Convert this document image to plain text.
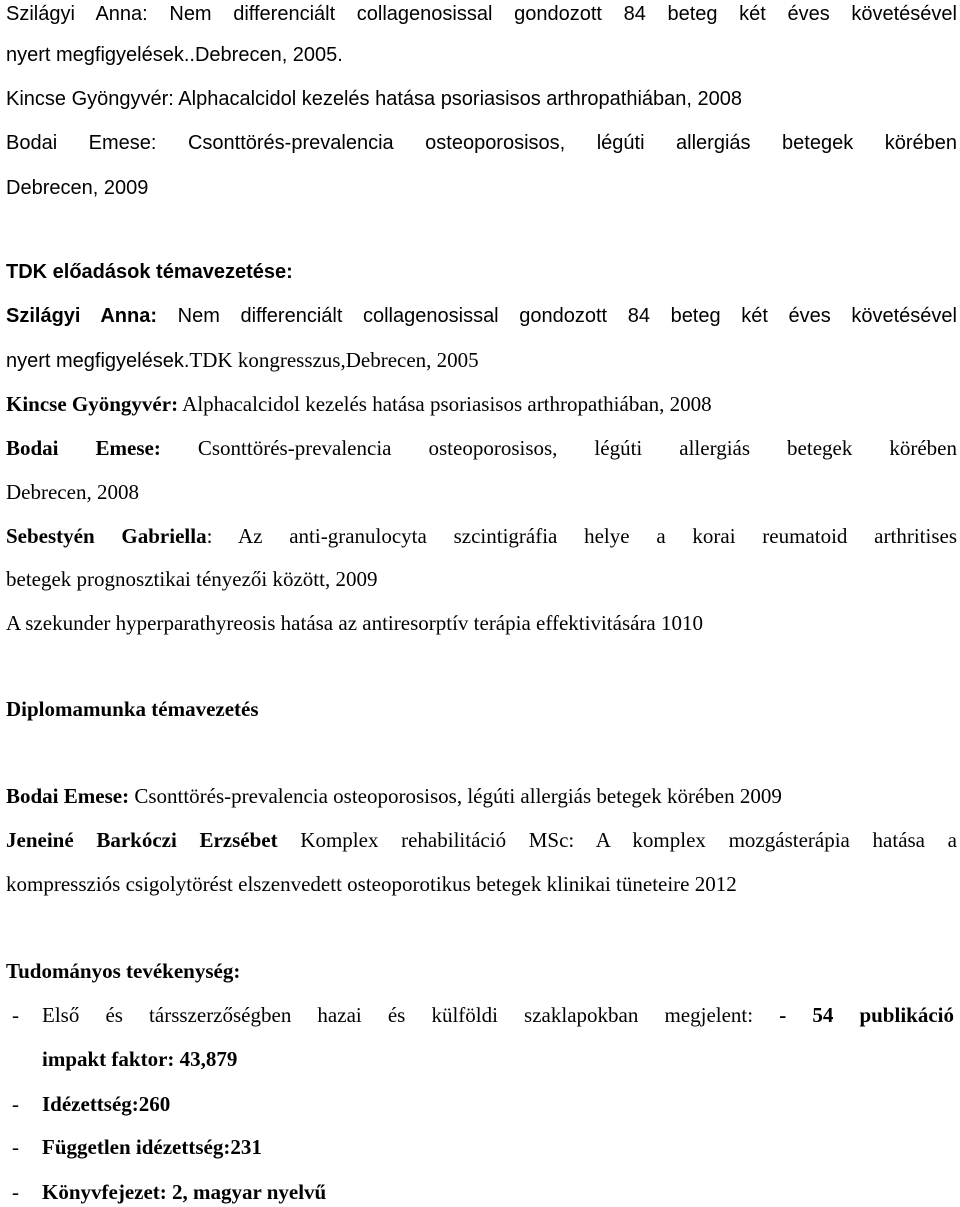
Szilágyi Anna: Nem differenciált collagenosissal gondozott 84 beteg két éves követésével
nyert megfigyelések..Debrecen, 2005.
Kincse Gyöngyvér: Alphacalcidol kezelés hatása psoriasisos arthropathiában, 2008
Bodai Emese: Csonttörés-prevalencia osteoporosisos, légúti allergiás betegek körében
Debrecen, 2009
TDK előadások témavezetése:
Szilágyi Anna: Nem differenciált collagenosissal gondozott 84 beteg két éves követésével
nyert megfigyelések.TDK kongresszus,Debrecen, 2005
Kincse Gyöngyvér: Alphacalcidol kezelés hatása psoriasisos arthropathiában, 2008
Bodai Emese: Csonttörés-prevalencia osteoporosisos, légúti allergiás betegek körében
Debrecen, 2008
Sebestyén Gabriella: Az anti-granulocyta szcintigráfia helye a korai reumatoid arthritises
betegek prognosztikai tényezői között, 2009
A szekunder hyperparathyreosis hatása az antiresorptív terápia effektivitására 1010
Diplomamunka témavezetés
Bodai Emese: Csonttörés-prevalencia osteoporosisos, légúti allergiás betegek körében 2009
Jeneiné Barkóczi Erzsébet Komplex rehabilitáció MSc: A komplex mozgásterápia hatása a
kompressziós csigolytörést elszenvedett osteoporotikus betegek klinikai tüneteire 2012
Tudományos tevékenység:
- Első és társszerzőségben hazai és külföldi szaklapokban megjelent: - 54 publikáció
impakt faktor: 43,879
- Idézettség:260
- Független idézettség:231
- Könyvfejezet: 2, magyar nyelvű
